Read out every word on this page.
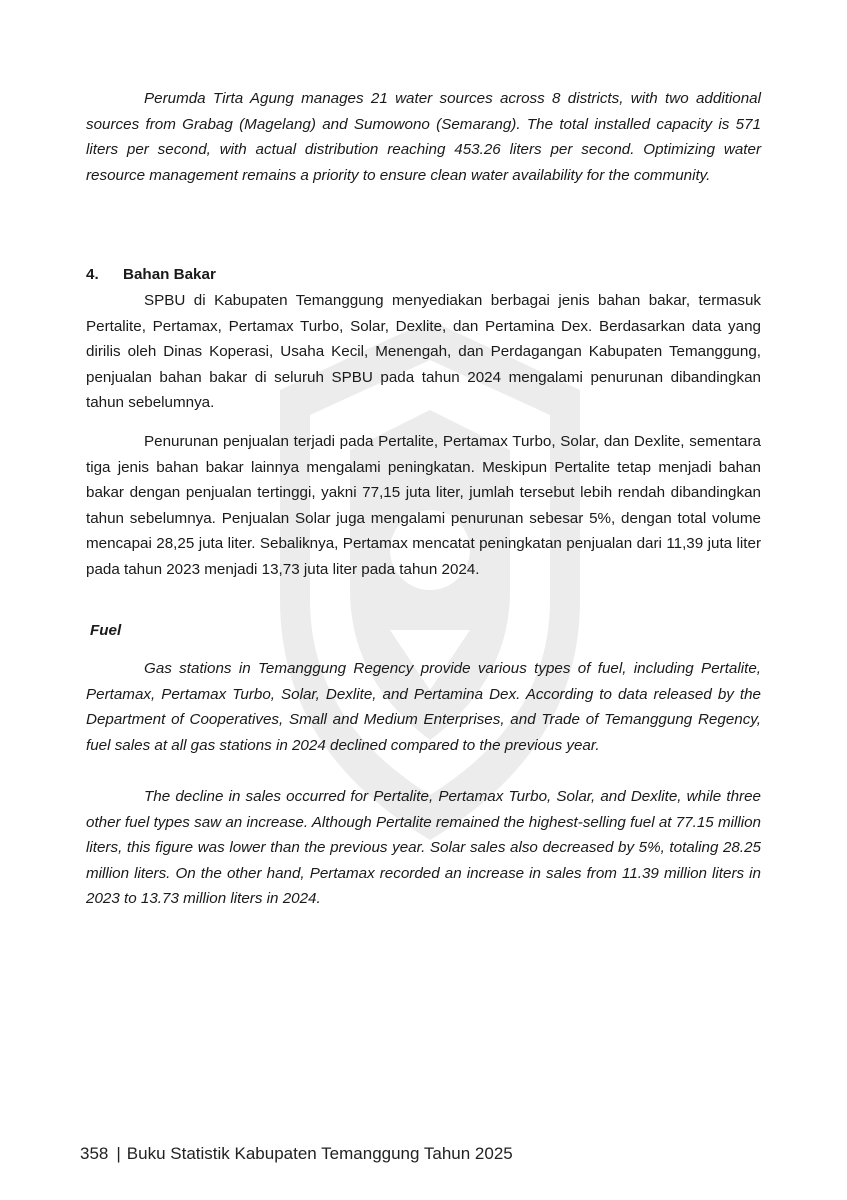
Perumda Tirta Agung manages 21 water sources across 8 districts, with two additional sources from Grabag (Magelang) and Sumowono (Semarang). The total installed capacity is 571 liters per second, with actual distribution reaching 453.26 liters per second. Optimizing water resource management remains a priority to ensure clean water availability for the community.

4. Bahan Bakar

SPBU di Kabupaten Temanggung menyediakan berbagai jenis bahan bakar, termasuk Pertalite, Pertamax, Pertamax Turbo, Solar, Dexlite, dan Pertamina Dex. Berdasarkan data yang dirilis oleh Dinas Koperasi, Usaha Kecil, Menengah, dan Perdagangan Kabupaten Temanggung, penjualan bahan bakar di seluruh SPBU pada tahun 2024 mengalami penurunan dibandingkan tahun sebelumnya.

Penurunan penjualan terjadi pada Pertalite, Pertamax Turbo, Solar, dan Dexlite, sementara tiga jenis bahan bakar lainnya mengalami peningkatan. Meskipun Pertalite tetap menjadi bahan bakar dengan penjualan tertinggi, yakni 77,15 juta liter, jumlah tersebut lebih rendah dibandingkan tahun sebelumnya. Penjualan Solar juga mengalami penurunan sebesar 5%, dengan total volume mencapai 28,25 juta liter. Sebaliknya, Pertamax mencatat peningkatan penjualan dari 11,39 juta liter pada tahun 2023 menjadi 13,73 juta liter pada tahun 2024.

Fuel

Gas stations in Temanggung Regency provide various types of fuel, including Pertalite, Pertamax, Pertamax Turbo, Solar, Dexlite, and Pertamina Dex. According to data released by the Department of Cooperatives, Small and Medium Enterprises, and Trade of Temanggung Regency, fuel sales at all gas stations in 2024 declined compared to the previous year.

The decline in sales occurred for Pertalite, Pertamax Turbo, Solar, and Dexlite, while three other fuel types saw an increase. Although Pertalite remained the highest-selling fuel at 77.15 million liters, this figure was lower than the previous year. Solar sales also decreased by 5%, totaling 28.25 million liters. On the other hand, Pertamax recorded an increase in sales from 11.39 million liters in 2023 to 13.73 million liters in 2024.

358 | Buku Statistik Kabupaten Temanggung Tahun 2025
